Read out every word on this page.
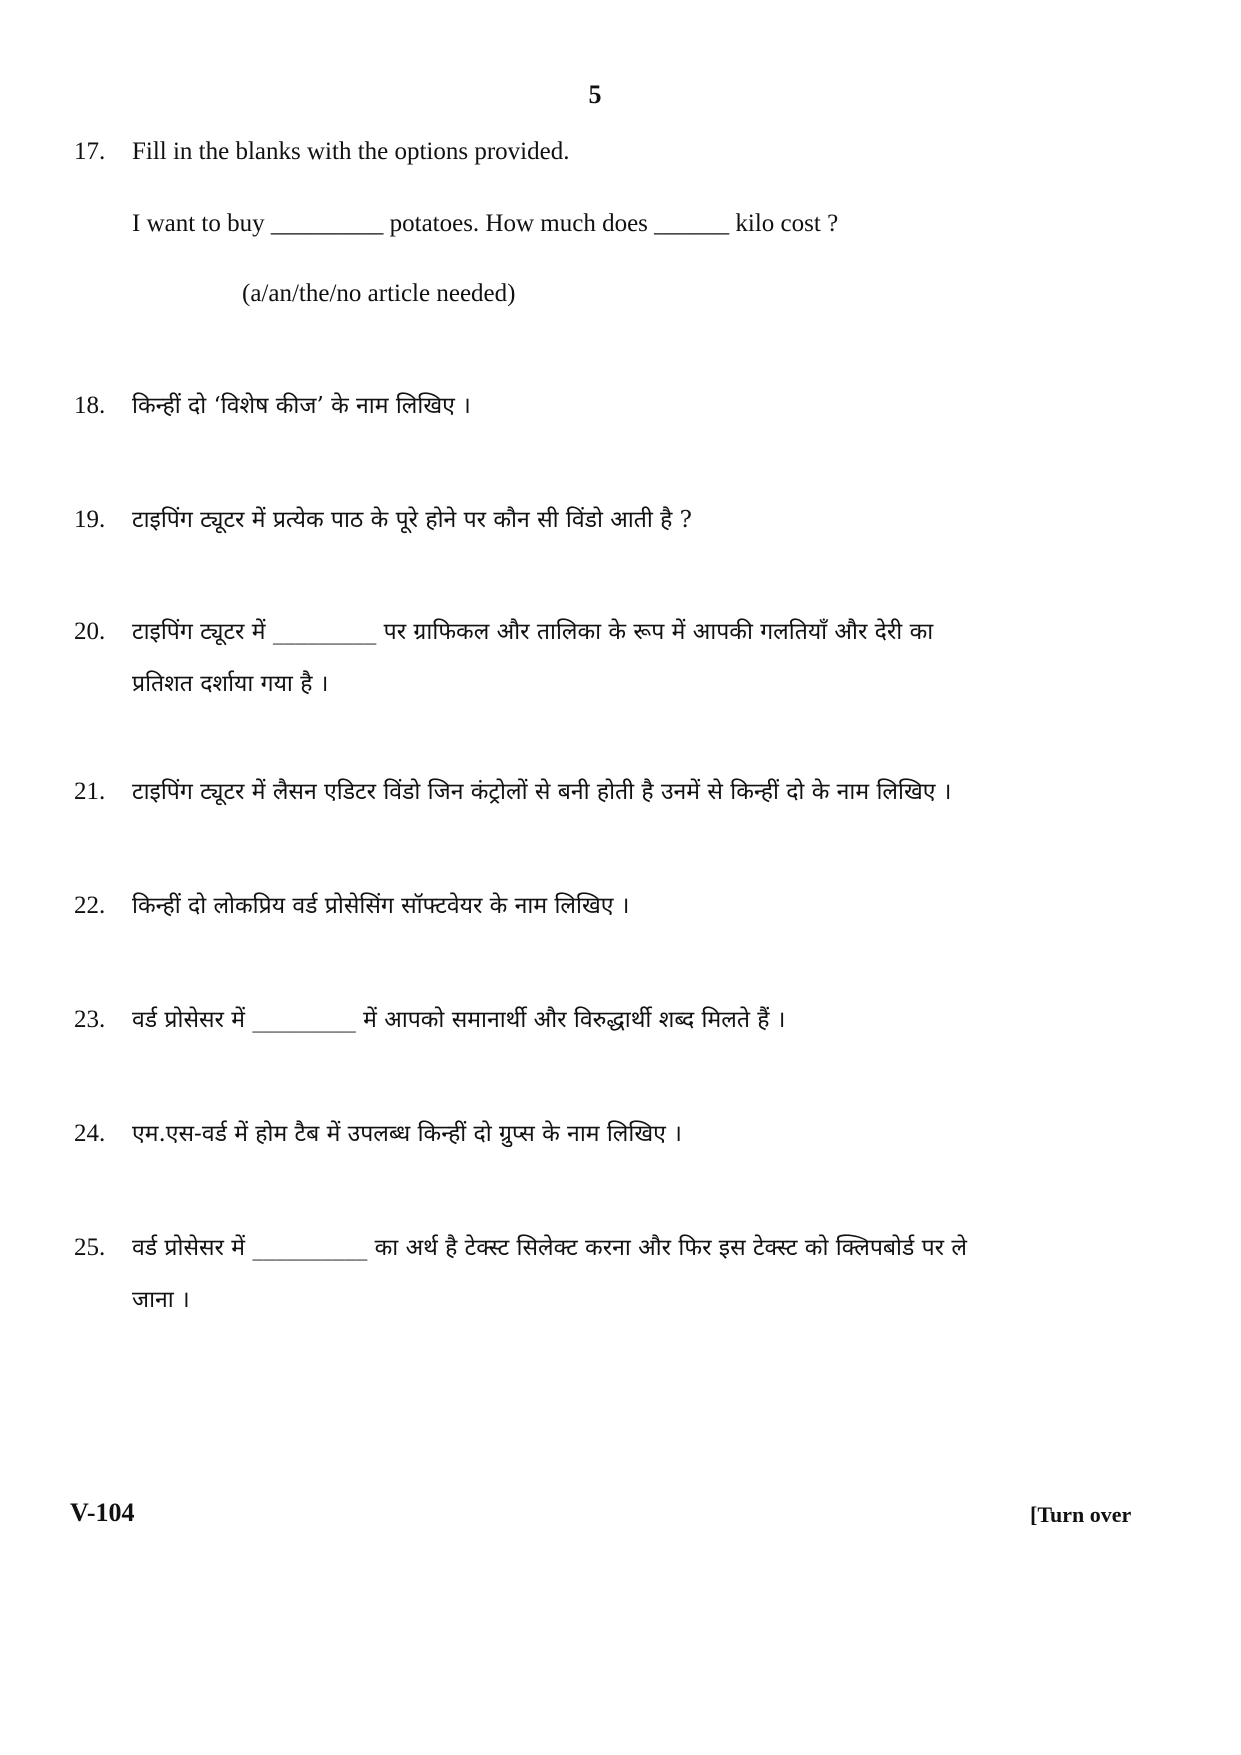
5
17. Fill in the blanks with the options provided.
I want to buy _________ potatoes. How much does ______ kilo cost ?
(a/an/the/no article needed)
18. किन्हीं दो ‘विशेष कीज’ के नाम लिखिए ।
19. टाइपिंग ट्यूटर में प्रत्येक पाठ के पूरे होने पर कौन सी विंडो आती है ?
20. टाइपिंग ट्यूटर में _________ पर ग्राफिकल और तालिका के रूप में आपकी गलतियाँ और देरी का
प्रतिशत दर्शाया गया है ।
21. टाइपिंग ट्यूटर में लैसन एडिटर विंडो जिन कंट्रोलों से बनी होती है उनमें से किन्हीं दो के नाम लिखिए ।
22. किन्हीं दो लोकप्रिय वर्ड प्रोसेसिंग सॉफ्टवेयर के नाम लिखिए ।
23. वर्ड प्रोसेसर में _________ में आपको समानार्थी और विरुद्धार्थी शब्द मिलते हैं ।
24. एम.एस-वर्ड में होम टैब में उपलब्ध किन्हीं दो ग्रुप्स के नाम लिखिए ।
25. वर्ड प्रोसेसर में __________ का अर्थ है टेक्स्ट सिलेक्ट करना और फिर इस टेक्स्ट को क्लिपबोर्ड पर ले
जाना ।
V-104	[Turn over
